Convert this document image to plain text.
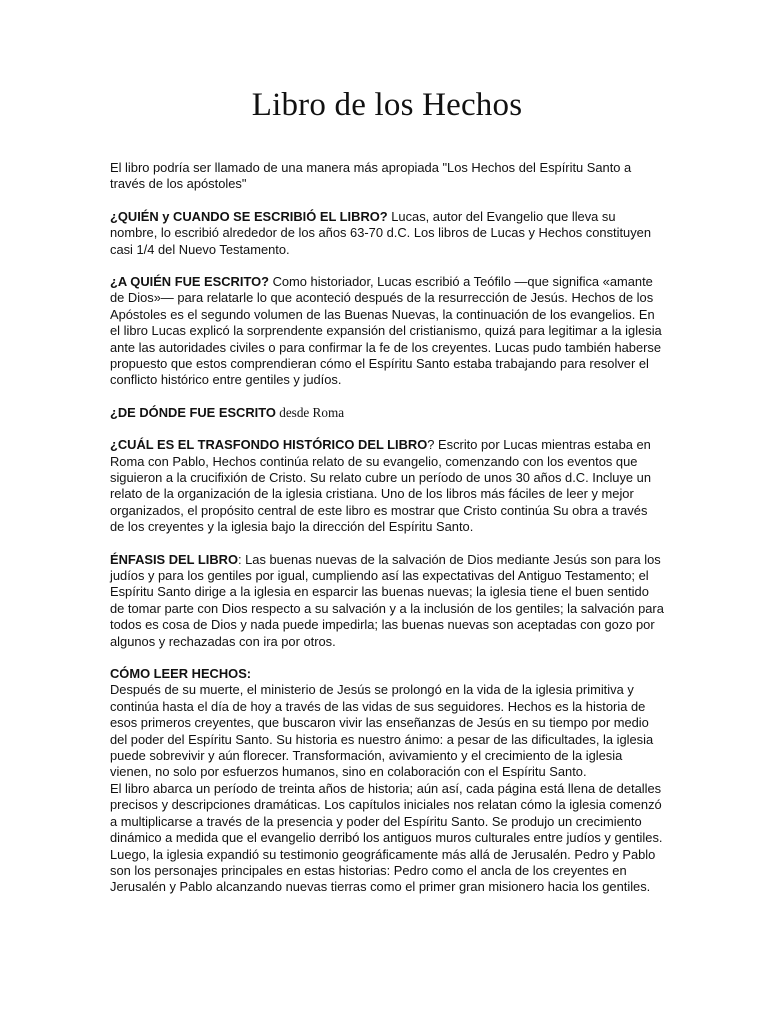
Libro de los Hechos

El libro podría ser llamado de una manera más apropiada "Los Hechos del Espíritu Santo a través de los apóstoles"

¿QUIÉN y CUANDO SE ESCRIBIÓ EL LIBRO? Lucas, autor del Evangelio que lleva su nombre, lo escribió alrededor de los años 63-70 d.C. Los libros de Lucas y Hechos constituyen casi 1/4 del Nuevo Testamento.

¿A QUIÉN FUE ESCRITO? Como historiador, Lucas escribió a Teófilo —que significa «amante de Dios»— para relatarle lo que aconteció después de la resurrección de Jesús. Hechos de los Apóstoles es el segundo volumen de las Buenas Nuevas, la continuación de los evangelios. En el libro Lucas explicó la sorprendente expansión del cristianismo, quizá para legitimar a la iglesia ante las autoridades civiles o para confirmar la fe de los creyentes. Lucas pudo también haberse propuesto que estos comprendieran cómo el Espíritu Santo estaba trabajando para resolver el conflicto histórico entre gentiles y judíos.

¿DE DÓNDE FUE ESCRITO desde Roma

¿CUÁL ES EL TRASFONDO HISTÓRICO DEL LIBRO? Escrito por Lucas mientras estaba en Roma con Pablo, Hechos continúa relato de su evangelio, comenzando con los eventos que siguieron a la crucifixión de Cristo. Su relato cubre un período de unos 30 años d.C. Incluye un relato de la organización de la iglesia cristiana. Uno de los libros más fáciles de leer y mejor organizados, el propósito central de este libro es mostrar que Cristo continúa Su obra a través de los creyentes y la iglesia bajo la dirección del Espíritu Santo.

ÉNFASIS DEL LIBRO: Las buenas nuevas de la salvación de Dios mediante Jesús son para los judíos y para los gentiles por igual, cumpliendo así las expectativas del Antiguo Testamento; el Espíritu Santo dirige a la iglesia en esparcir las buenas nuevas; la iglesia tiene el buen sentido de tomar parte con Dios respecto a su salvación y a la inclusión de los gentiles; la salvación para todos es cosa de Dios y nada puede impedirla; las buenas nuevas son aceptadas con gozo por algunos y rechazadas con ira por otros.

CÓMO LEER HECHOS:

Después de su muerte, el ministerio de Jesús se prolongó en la vida de la iglesia primitiva y continúa hasta el día de hoy a través de las vidas de sus seguidores. Hechos es la historia de esos primeros creyentes, que buscaron vivir las enseñanzas de Jesús en su tiempo por medio del poder del Espíritu Santo. Su historia es nuestro ánimo: a pesar de las dificultades, la iglesia puede sobrevivir y aún florecer. Transformación, avivamiento y el crecimiento de la iglesia vienen, no solo por esfuerzos humanos, sino en colaboración con el Espíritu Santo.

El libro abarca un período de treinta años de historia; aún así, cada página está llena de detalles precisos y descripciones dramáticas. Los capítulos iniciales nos relatan cómo la iglesia comenzó a multiplicarse a través de la presencia y poder del Espíritu Santo. Se produjo un crecimiento dinámico a medida que el evangelio derribó los antiguos muros culturales entre judíos y gentiles. Luego, la iglesia expandió su testimonio geográficamente más allá de Jerusalén. Pedro y Pablo son los personajes principales en estas historias: Pedro como el ancla de los creyentes en Jerusalén y Pablo alcanzando nuevas tierras como el primer gran misionero hacia los gentiles.
